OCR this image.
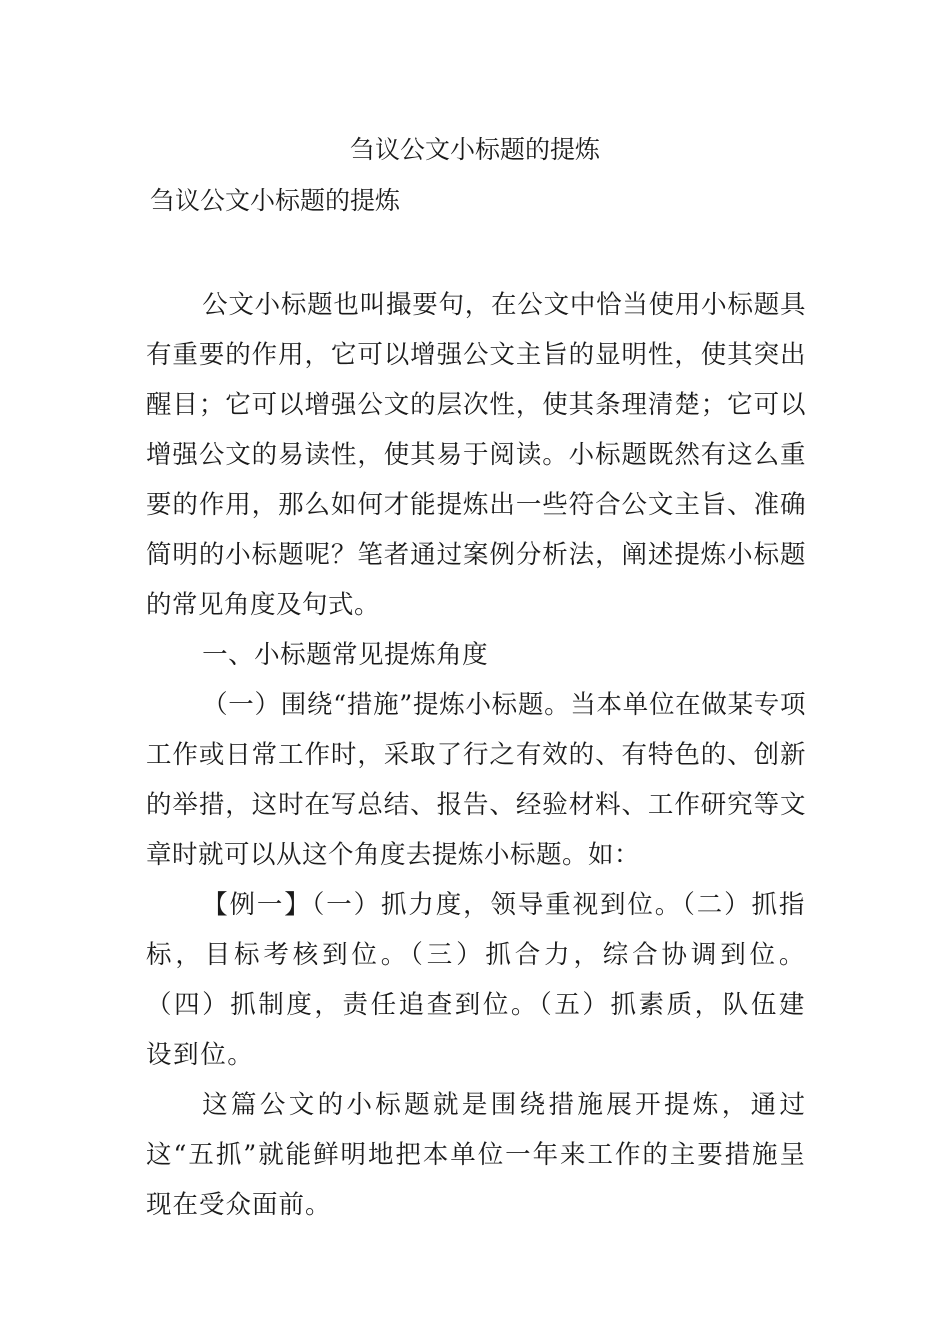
刍议公文小标题的提炼
刍议公文小标题的提炼

公文小标题也叫撮要句，在公文中恰当使用小标题具有重要的作用，它可以增强公文主旨的显明性，使其突出醒目；它可以增强公文的层次性，使其条理清楚；它可以增强公文的易读性，使其易于阅读。小标题既然有这么重要的作用，那么如何才能提炼出一些符合公文主旨、准确简明的小标题呢？笔者通过案例分析法，阐述提炼小标题的常见角度及句式。

一、小标题常见提炼角度

（一）围绕“措施”提炼小标题。当本单位在做某专项工作或日常工作时，采取了行之有效的、有特色的、创新的举措，这时在写总结、报告、经验材料、工作研究等文章时就可以从这个角度去提炼小标题。如：

【例一】（一）抓力度，领导重视到位。（二）抓指标，目标考核到位。（三）抓合力，综合协调到位。（四）抓制度，责任追查到位。（五）抓素质，队伍建设到位。

这篇公文的小标题就是围绕措施展开提炼，通过这“五抓”就能鲜明地把本单位一年来工作的主要措施呈现在受众面前。
